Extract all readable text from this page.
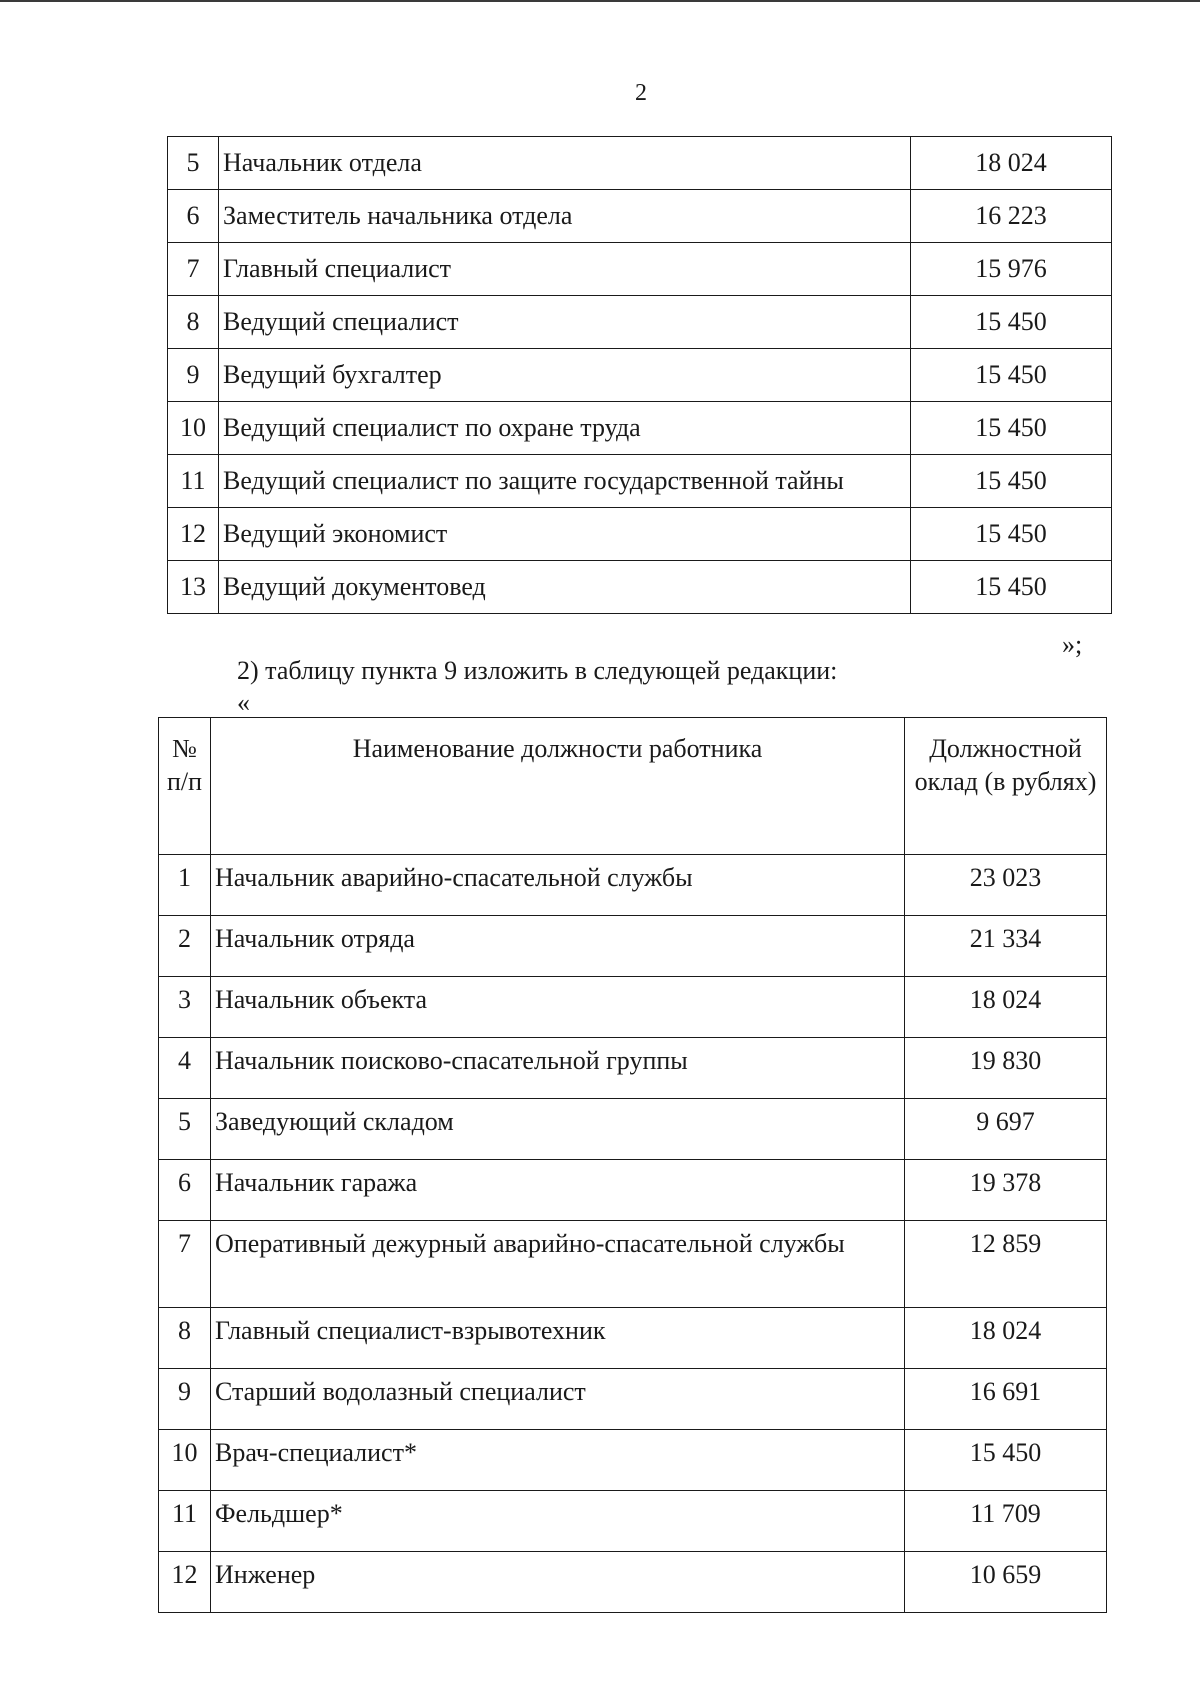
2
5	Начальник отдела	18 024
6	Заместитель начальника отдела	16 223
7	Главный специалист	15 976
8	Ведущий специалист	15 450
9	Ведущий бухгалтер	15 450
10	Ведущий специалист по охране труда	15 450
11	Ведущий специалист по защите государственной тайны	15 450
12	Ведущий экономист	15 450
13	Ведущий документовед	15 450
»;
2) таблицу пункта 9 изложить в следующей редакции:
«
№ п/п	Наименование должности работника	Должностной оклад (в рублях)
1	Начальник аварийно-спасательной службы	23 023
2	Начальник отряда	21 334
3	Начальник объекта	18 024
4	Начальник поисково-спасательной группы	19 830
5	Заведующий складом	9 697
6	Начальник гаража	19 378
7	Оперативный дежурный аварийно-спасательной службы	12 859
8	Главный специалист-взрывотехник	18 024
9	Старший водолазный специалист	16 691
10	Врач-специалист*	15 450
11	Фельдшер*	11 709
12	Инженер	10 659
